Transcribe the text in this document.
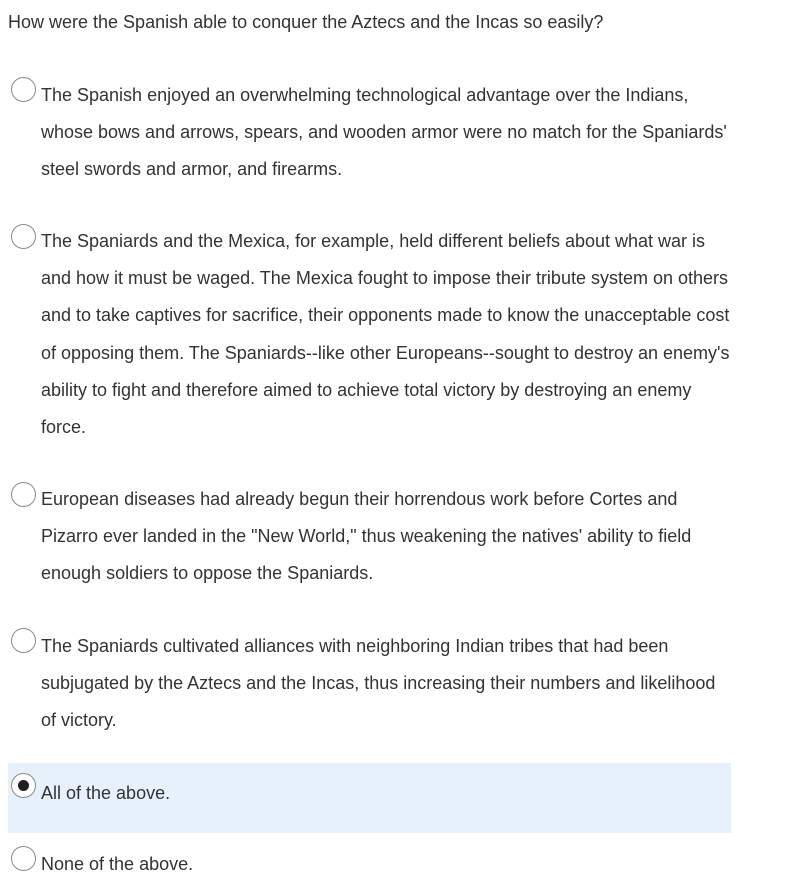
How were the Spanish able to conquer the Aztecs and the Incas so easily?
The Spanish enjoyed an overwhelming technological advantage over the Indians, whose bows and arrows, spears, and wooden armor were no match for the Spaniards' steel swords and armor, and firearms.
The Spaniards and the Mexica, for example, held different beliefs about what war is and how it must be waged. The Mexica fought to impose their tribute system on others and to take captives for sacrifice, their opponents made to know the unacceptable cost of opposing them. The Spaniards--like other Europeans--sought to destroy an enemy's ability to fight and therefore aimed to achieve total victory by destroying an enemy force.
European diseases had already begun their horrendous work before Cortes and Pizarro ever landed in the "New World," thus weakening the natives' ability to field enough soldiers to oppose the Spaniards.
The Spaniards cultivated alliances with neighboring Indian tribes that had been subjugated by the Aztecs and the Incas, thus increasing their numbers and likelihood of victory.
All of the above.
None of the above.
